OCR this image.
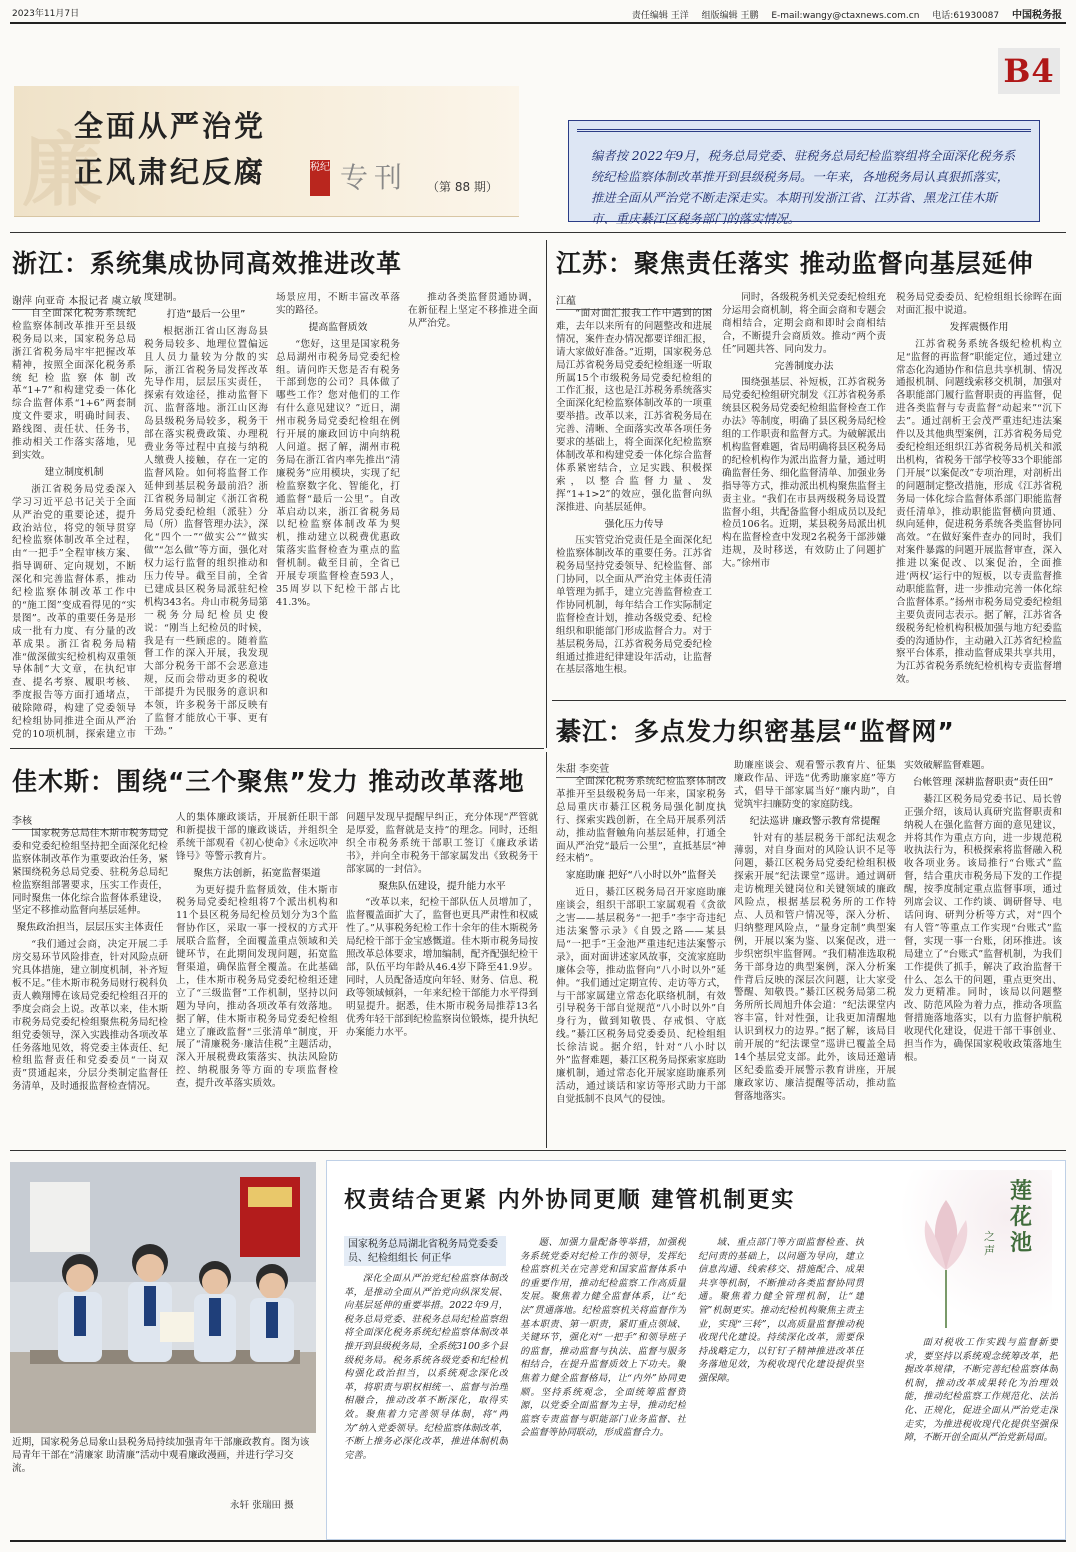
2023年11月7日	责任编辑 王洋 组版编辑 王鹏 E-mail:wangy@ctaxnews.com.cn 电话:61930087 中国税务报
B4
廉
全面从严治党
正风肃纪反腐	税纪 专刊 （第 88 期）
编者按 2022年9月，税务总局党委、驻税务总局纪检监察组将全面深化税务系统纪检监察体制改革推开到县级税务局。一年来，各地税务局认真狠抓落实，推进全面从严治党不断走深走实。本期刊发浙江省、江苏省、黑龙江佳木斯市、重庆綦江区税务部门的落实情况。
浙江：系统集成协同高效推进改革
谢萍 向亚奇 本报记者 虞立敏

自全面深化税务系统纪检监察体制改革推开至县级税务局以来，国家税务总局浙江省税务局牢牢把握改革精神，按照全面深化税务系统纪检监察体制改革“1+7”和构建党委一体化综合监督体系“1+6”两套制度文件要求，明确时间表、路线图、责任状、任务书，推动相关工作落实落地，见到实效。

建立制度机制

浙江省税务局党委深入学习习近平总书记关于全面从严治党的重要论述，提升政治站位，将党的领导贯穿纪检监察体制改革全过程，由“一把手”全程审核方案、指导调研、定向规划，不断深化和完善监督体系，推动纪检监察体制改革工作中的“施工图”变成看得见的“实景图”。改革的重要任务是形成一批有力度、有分量的改革成果。浙江省税务局精准“做深做实纪检机构双重领导体制”大文章，在执纪审查、提名考察、履职考核、季度报告等方面打通堵点，破除障碍，构建了党委领导纪检组协同推进全面从严治党的10项机制，探索建立市

度建制。

打造“最后一公里”

根据浙江省山区海岛县税务局较多、地理位置偏远且人员力量较为分散的实际，浙江省税务局发挥改革先导作用，层层压实责任，探索有效途径，推动监督下沉、监督落地。浙江山区海岛县级税务局较多，税务干部在落实税费政策、办理税费业务等过程中直接与纳税人缴费人接触，存在一定的监督风险。如何将监督工作延伸到基层税务最前沿？浙江省税务局制定《浙江省税务局党委纪检组（派驻）分局（所）监督管理办法》，深化“四个一”“做实公”“做实做”“怎么做”等方面，强化对权力运行监督的组织推动和压力传导。截至目前，全省已建成县区税务局派驻纪检机构343名。舟山市税务局第一税务分局纪检员史俊说：“刚当上纪检员的时候，我是有一些顾虑的。随着监督工作的深入开展，我发现大部分税务干部不会恶意违规，反而会带动更多的税收干部提升为民服务的意识和本领，许多税务干部反映有了监督才能放心干事、更有干劲。”

场景应用，不断丰富改革落实的路径。

提高监督质效

“您好，这里是国家税务总局湖州市税务局党委纪检组。请问昨天您是否有税务干部到您的公司？具体做了哪些工作？您对他们的工作有什么意见建议？”近日，湖州市税务局党委纪检组在例行开展的廉政回访中向纳税人问道。据了解，湖州市税务局在浙江省内率先推出“清廉税务”应用模块，实现了纪检监察数字化、智能化，打通监督“最后一公里”。自改革启动以来，浙江省税务局以纪检监察体制改革为契机，推动建立以税费优惠政策落实监督检查为重点的监督机制。截至目前，全省已开展专项监督检查593人，35周岁以下纪检干部占比41.3%。

推动各类监督贯通协调，在新征程上坚定不移推进全面从严治党。

江苏：聚焦责任落实 推动监督向基层延伸
江蕴

“面对面汇报我工作中遇到的困难，去年以来所有的问题整改和进展情况，案件查办情况都要详细汇报，请大家做好准备。”近期，国家税务总局江苏省税务局党委纪检组逐一听取所属15个市级税务局党委纪检组的工作汇报，这也是江苏税务系统落实全面深化纪检监察体制改革的一项重要举措。改革以来，江苏省税务局在完善、清晰、全面落实改革各项任务要求的基础上，将全面深化纪检监察体制改革和构建党委一体化综合监督体系紧密结合，立足实践、积极探索，以整合监督力量、发挥“1+1>2”的效应，强化监督向纵深推进、向基层延伸。

强化压力传导

压实管党治党责任是全面深化纪检监察体制改革的重要任务。江苏省税务局坚持党委领导、纪检监督、部门协同，以全面从严治党主体责任清单管理为抓手，建立完善监督检查工作协同机制，每年结合工作实际制定监督检查计划，推动各级党委、纪检组织和职能部门形成监督合力。对于基层税务局，江苏省税务局党委纪检组通过推进纪律建设年活动，让监督在基层落地生根。

同时，各级税务机关党委纪检组充分运用会商机制，将全面会商和专题会商相结合，定期会商和即时会商相结合，不断提升会商质效。推动“两个责任”同题共答、同向发力。

完善制度办法

围绕强基层、补短板，江苏省税务局党委纪检组研究制发《江苏省税务系统县区税务局党委纪检组监督检查工作办法》等制度，明确了县区税务局纪检组的工作职责和监督方式。为破解派出机构监督难题，省局明确将县区税务局的纪检机构作为派出监督力量，通过明确监督任务、细化监督清单、加强业务指导等方式，推动派出机构聚焦监督主责主业。“我们在市县两级税务局设置监督小组，共配备监督小组成员以及纪检员106名。近期，某县税务局派出机构在监督检查中发现2名税务干部涉嫌违规，及时移送，有效防止了问题扩大。”徐州市

税务局党委委员、纪检组组长徐晖在面对面汇报中说道。

发挥震慑作用

江苏省税务系统各级纪检机构立足“监督的再监督”职能定位，通过建立常态化沟通协作和信息共享机制、情况通报机制、问题线索移交机制，加强对各职能部门履行监督职责的再监督，促进各类监督与专责监督“动起来”“沉下去”。通过剖析王会茂严重违纪违法案件以及其他典型案例，江苏省税务局党委纪检组还组织江苏省税务局机关和派出机构，省税务干部学校等33个职能部门开展“以案促改”专项治理，对剖析出的问题制定整改措施，形成《江苏省税务局一体化综合监督体系部门职能监督责任清单》，推动职能监督横向贯通、纵向延伸，促进税务系统各类监督协同高效。“在做好案件查办的同时，我们对案件暴露的问题开展监督审查，深入推进以案促改、以案促治，全面推进‘两权’运行中的短板，以专责监督推动职能监督，进一步推动完善一体化综合监督体系。”扬州市税务局党委纪检组主要负责同志表示。据了解，江苏省各级税务纪检机构积极加强与地方纪委监委的沟通协作，主动融入江苏省纪检监察平台体系，推动监督成果共享共用，为江苏省税务系统纪检机构专责监督增效。

佳木斯：围绕“三个聚焦”发力 推动改革落地
李核

国家税务总局佳木斯市税务局党委和党委纪检组坚持把全面深化纪检监察体制改革作为重要政治任务，紧紧围绕税务总局党委、驻税务总局纪检监察组部署要求，压实工作责任，同时聚焦一体化综合监督体系建设，坚定不移推动监督向基层延伸。

聚焦政治担当，层层压实主体责任

“我们通过会商，决定开展二手房交易环节风险排查，针对风险点研究具体措施，建立制度机制，补齐短板不足。”佳木斯市税务局财行税科负责人赖翔博在该局党委纪检组召开的季度会商会上说。改革以来，佳木斯市税务局党委纪检组聚焦税务局纪检组党委领导，深入实践推动各项改革任务落地见效，将党委主体责任、纪检组监督责任和党委委员“一岗双责”贯通起来，分层分类制定监督任务清单，及时通报监督检查情况。

人的集体廉政谈话，开展新任职干部和新提拔干部的廉政谈话，并组织全系统干部观看《初心使命》《永远吹冲锋号》等警示教育片。

聚焦方法创新，拓宽监督渠道

为更好提升监督质效，佳木斯市税务局党委纪检组将7个派出机构和11个县区税务局纪检员划分为3个监督协作区，采取一事一授权的方式开展联合监督，全面覆盖重点领域和关键环节，在此期间发现问题，拓宽监督渠道，确保监督全覆盖。在此基础上，佳木斯市税务局党委纪检组还建立了“三级监督”工作机制，坚持以问题为导向，推动各项改革有效落地。据了解，佳木斯市税务局党委纪检组建立了廉政监督“三张清单”制度，开展了“清廉税务·廉洁佳税”主题活动，深入开展税费政策落实、执法风险防控、纳税服务等方面的专项监督检查，提升改革落实质效。

问题早发现早提醒早纠正，充分体现“严管就是厚爱，监督就是支持”的理念。同时，还组织全市税务系统干部职工签订《廉政承诺书》，并向全市税务干部家属发出《致税务干部家属的一封信》。

聚焦队伍建设，提升能力水平

“改革以来，纪检干部队伍人员增加了，监督覆盖面扩大了，监督也更具严肃性和权威性了。”从事税务纪检工作十余年的佳木斯税务局纪检干部于金宝感慨道。佳木斯市税务局按照改革总体要求，增加编制，配齐配强纪检干部，队伍平均年龄从46.4岁下降至41.9岁。同时，人员配备适度向年轻、财务、信息、税政等领域倾斜，一年来纪检干部能力水平得到明显提升。据悉，佳木斯市税务局推荐13名优秀年轻干部到纪检监察岗位锻炼，提升执纪办案能力水平。

綦江：多点发力织密基层“监督网”
朱甜 李奕萱

全面深化税务系统纪检监察体制改革推开至县级税务局一年来，国家税务总局重庆市綦江区税务局强化制度执行、探索实践创新，在全局开展系列活动，推动监督触角向基层延伸，打通全面从严治党“最后一公里”，直抵基层“神经末梢”。

家庭助廉 把好“八小时以外”监督关

近日，綦江区税务局召开家庭助廉座谈会，组织干部职工家属观看《贪欲之害——基层税务“一把手”李宇奇违纪违法案警示录》《自毁之路——某县局“一把手”王金池严重违纪违法案警示录》，面对面讲述家风故事，交流家庭助廉体会等，推动监督向“八小时以外”延伸。“我们通过定期宣传、走访等方式，与干部家属建立常态化联络机制，有效引导税务干部自觉规范“八小时以外”自身行为，做到知敬畏、存戒惧、守底线。”綦江区税务局党委委员、纪检组组长徐洁说。据介绍，针对“八小时以外”监督难题，綦江区税务局探索家庭助廉机制，通过常态化开展家庭助廉系列活动，通过谈话和家访等形式助力干部自觉抵制不良风气的侵蚀。

助廉座谈会、观看警示教育片、征集廉政作品、评选“优秀助廉家庭”等方式，倡导干部家属当好“廉内助”，自觉筑牢扫廉防变的家庭防线。

纪法巡讲 廉政警示教育常提醒

针对有的基层税务干部纪法观念薄弱，对自身面对的风险认识不足等问题，綦江区税务局党委纪检组积极探索开展“纪法课堂”巡讲。通过调研走访梳理关键岗位和关键领域的廉政风险点，根据基层税务所的工作特点、人员和管户情况等，深入分析、归纳整理风险点，“量身定制”典型案例，开展以案为鉴、以案促改，进一步织密织牢监督网。“我们精准选取税务干部身边的典型案例，深入分析案件背后反映的深层次问题，让大家受警醒、知敬畏。”綦江区税务局第二税务所所长周旭升体会道：“纪法课堂内容丰富，针对性强，让我更加清醒地认识到权力的边界。”据了解，该局目前开展的“纪法课堂”巡讲已覆盖全局14个基层党支部。此外，该局还邀请区纪委监委开展警示教育讲座，开展廉政家访、廉洁提醒等活动，推动监督落地落实。

实效破解监督难题。

台帐管理 深耕监督职责“责任田”

綦江区税务局党委书记、局长曾正强介绍，该局认真研究监督职责和纳税人在强化监督方面的意见建议，并将其作为重点方向，进一步规范税收执法行为，积极探索将监督融入税收各项业务。该局推行“台账式”监督，结合重庆市税务局下发的工作提醒，按季度制定重点监督事项，通过列席会议、工作约谈、调研督导、电话问询、研判分析等方式，对“四个有人管”等重点工作实现“台账式”监督，实现一事一台账，闭环推进。该局建立了“台账式”监督机制，为我们工作提供了抓手，解决了政治监督干什么、怎么干的问题，重点更突出、发力更精准。同时，该局以问题整改、防范风险为着力点，推动各项监督措施落地落实，以有力监督护航税收现代化建设，促进干部干事创业、担当作为，确保国家税收政策落地生根。

近期，国家税务总局象山县税务局持续加强青年干部廉政教育。图为该局青年干部在“清廉家 助清廉”活动中观看廉政漫画，并进行学习交流。
永轩 张瑞田 摄
权责结合更紧 内外协同更顺 建管机制更实
国家税务总局湖北省税务局党委委员、纪检组组长 何正华
深化全面从严治党纪检监察体制改革，是推动全面从严治党向纵深发展、向基层延伸的重要举措。2022年9月，税务总局党委、驻税务总局纪检监察组将全面深化税务系统纪检监察体制改革推开到县级税务局，全系统3100多个县级税务局。税务系统各级党委和纪检机构强化政治担当，以系统观念深化改革，将职责与职权相统一、监督与治理相融合，推动改革不断深化，取得实效。聚焦着力完善领导体制，将“两为”纳入党委领导。纪检监察体制改革，不断上推务必深化改革，推进体制机制完善。
题、加强力量配备等举措，加强税务系统党委对纪检工作的领导，发挥纪检监察机关在完善党和国家监督体系中的重要作用，推动纪检监察工作高质量发展。聚焦着力健全监督体系，让“纪法”贯通落地。纪检监察机关将监督作为基本职责、第一职责，紧盯重点领域、关键环节，强化对“一把手”和领导班子的监督，推动监督与执法、监督与服务相结合，在提升监督质效上下功夫。聚焦着力健全监督格局，让“内外”协同更顺。坚持系统观念，全面统筹监督资源，以党委全面监督为主导，推动纪检监察专责监督与职能部门业务监督、社会监督等协同联动，形成监督合力。
域、重点部门等方面监督检查、执纪问责的基础上，以问题为导向，建立信息沟通、线索移交、措施配合、成果共享等机制，不断推动各类监督协同贯通。聚焦着力健全管理机制，让“建管”机制更实。推动纪检机构聚焦主责主业，实现“三转”，以高质量监督推动税收现代化建设。持续深化改革，需要保持战略定力，以钉钉子精神推进改革任务落地见效，为税收现代化建设提供坚强保障。
莲花池
之声
面对税收工作实践与监督新要求，要坚持以系统观念统筹改革，把握改革规律，不断完善纪检监察体制机制，推动改革成果转化为治理效能，推动纪检监察工作规范化、法治化、正规化，促进全面从严治党走深走实，为推进税收现代化提供坚强保障，不断开创全面从严治党新局面。
